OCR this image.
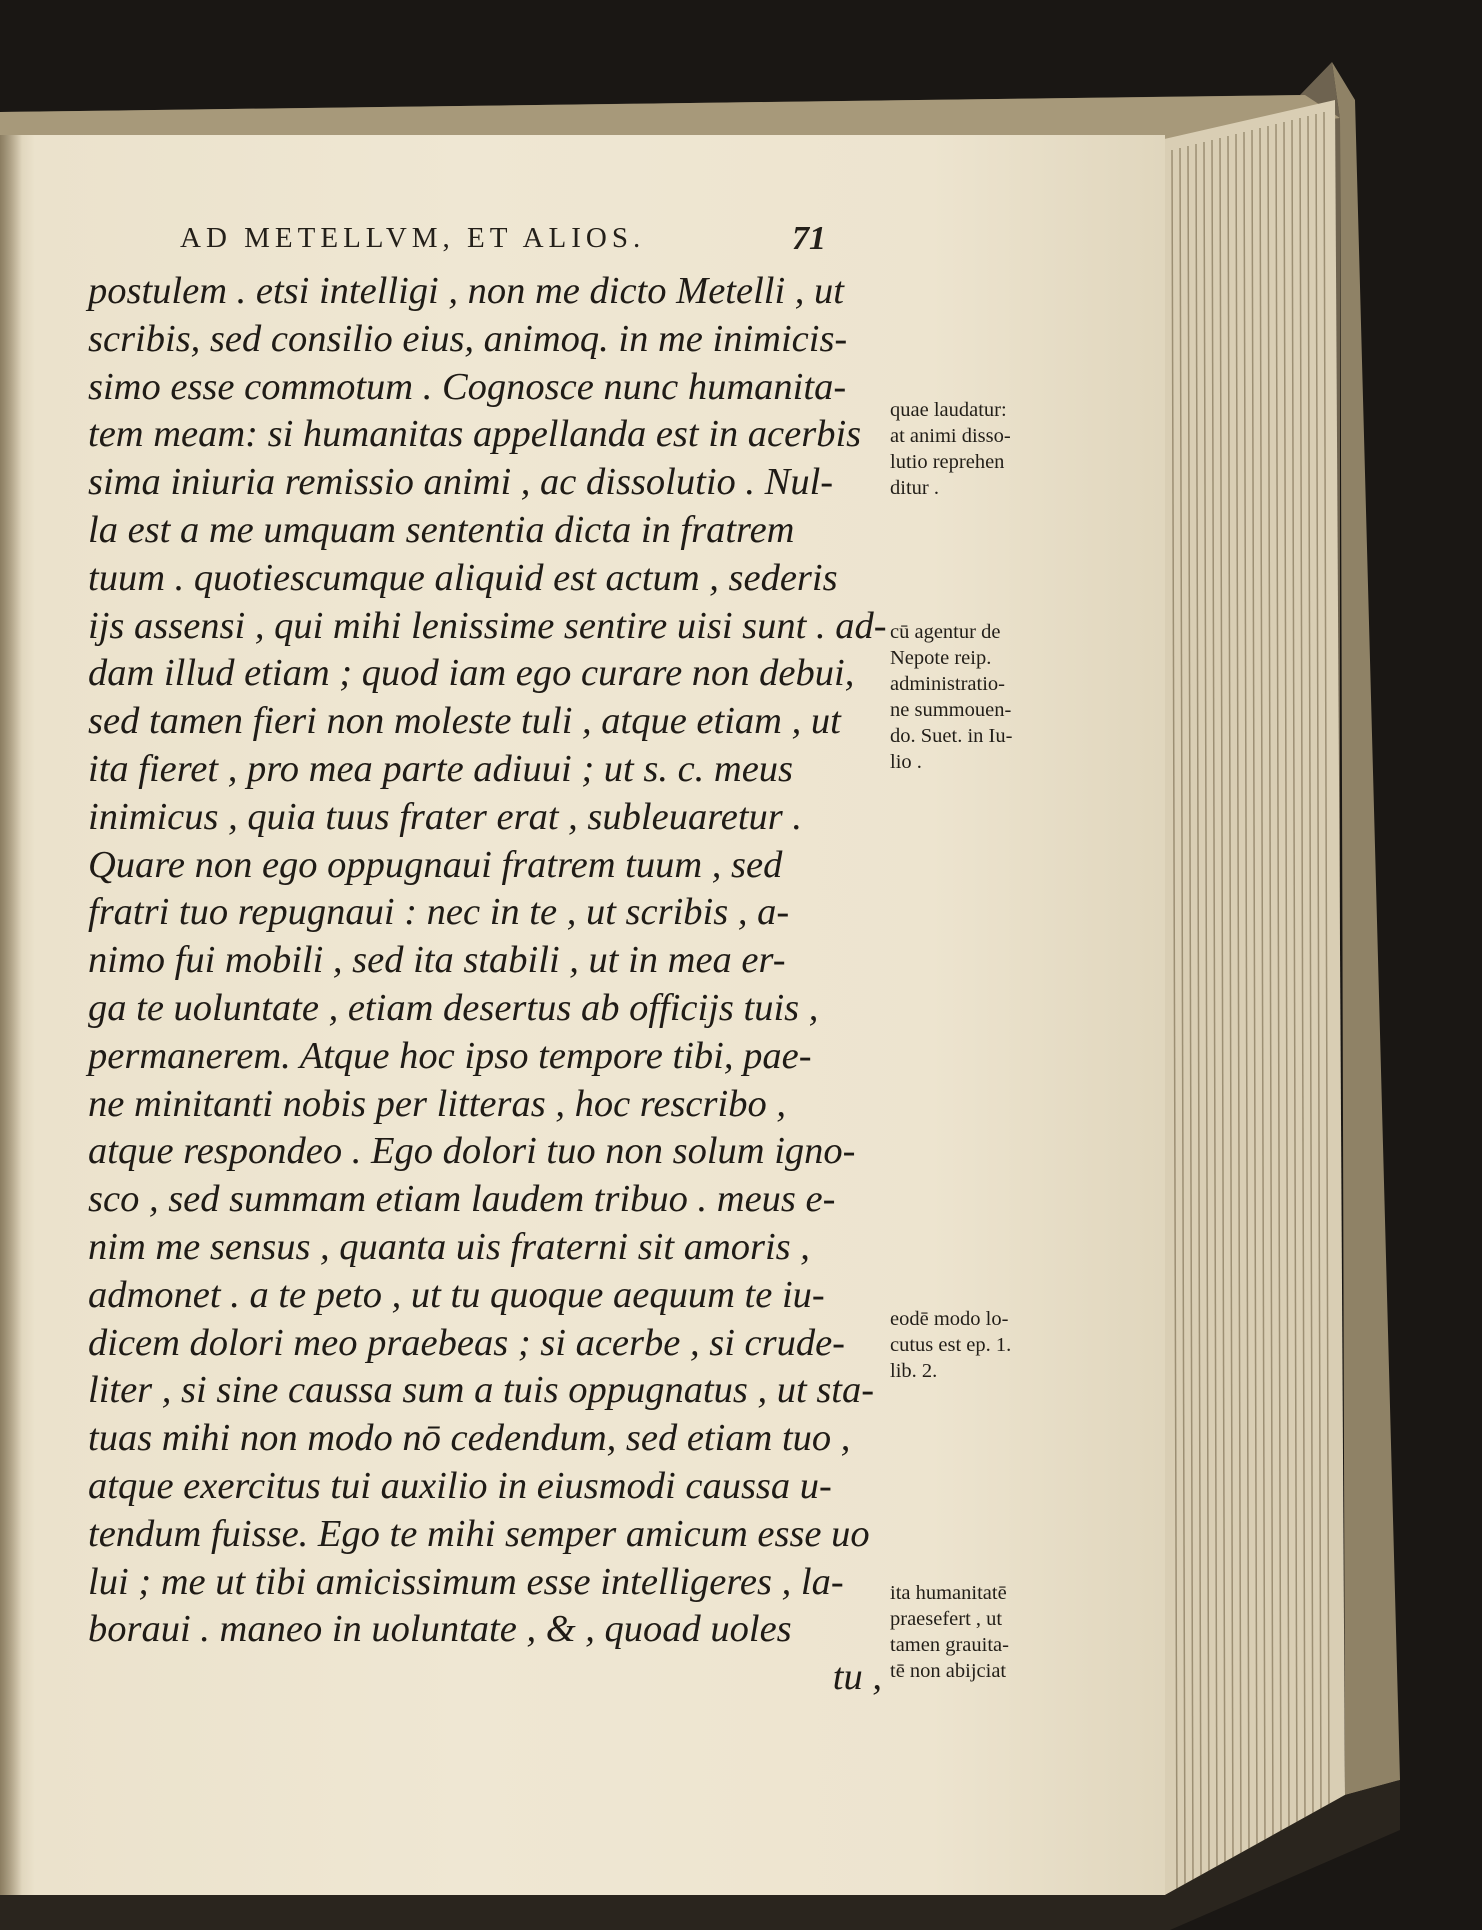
AD METELLVM, ET ALIOS.	71
postulem . etsi intelligi , non me dicto Metelli , ut
scribis, sed consilio eius, animoq. in me inimicis-
simo esse commotum . Cognosce nunc humanita-
tem meam: si humanitas appellanda est in acerbis
sima iniuria remissio animi , ac dissolutio . Nul-
la est a me umquam sententia dicta in fratrem
tuum . quotiescumque aliquid est actum , sederis
ijs assensi , qui mihi lenissime sentire uisi sunt . ad-
dam illud etiam ; quod iam ego curare non debui,
sed tamen fieri non moleste tuli , atque etiam , ut
ita fieret , pro mea parte adiuui ; ut s. c. meus
inimicus , quia tuus frater erat , subleuaretur .
Quare non ego oppugnaui fratrem tuum , sed
fratri tuo repugnaui : nec in te , ut scribis , a-
nimo fui mobili , sed ita stabili , ut in mea er-
ga te uoluntate , etiam desertus ab officijs tuis ,
permanerem. Atque hoc ipso tempore tibi, pae-
ne minitanti nobis per litteras , hoc rescribo ,
atque respondeo . Ego dolori tuo non solum igno-
sco , sed summam etiam laudem tribuo . meus e-
nim me sensus , quanta uis fraterni sit amoris ,
admonet . a te peto , ut tu quoque aequum te iu-
dicem dolori meo praebeas ; si acerbe , si crude-
liter , si sine caussa sum a tuis oppugnatus , ut sta-
tuas mihi non modo nō cedendum, sed etiam tuo ,
atque exercitus tui auxilio in eiusmodi caussa u-
tendum fuisse. Ego te mihi semper amicum esse uo
lui ; me ut tibi amicissimum esse intelligeres , la-
boraui . maneo in uoluntate , & , quoad uoles
tu ,
quae laudatur:
at animi disso-
lutio reprehen
ditur .
cū agentur de
Nepote reip.
administratio-
ne summouen-
do. Suet. in Iu-
lio .
eodē modo lo-
cutus est ep. 1.
lib. 2.
ita humanitatē
praesefert , ut
tamen grauita-
tē non abijciat
